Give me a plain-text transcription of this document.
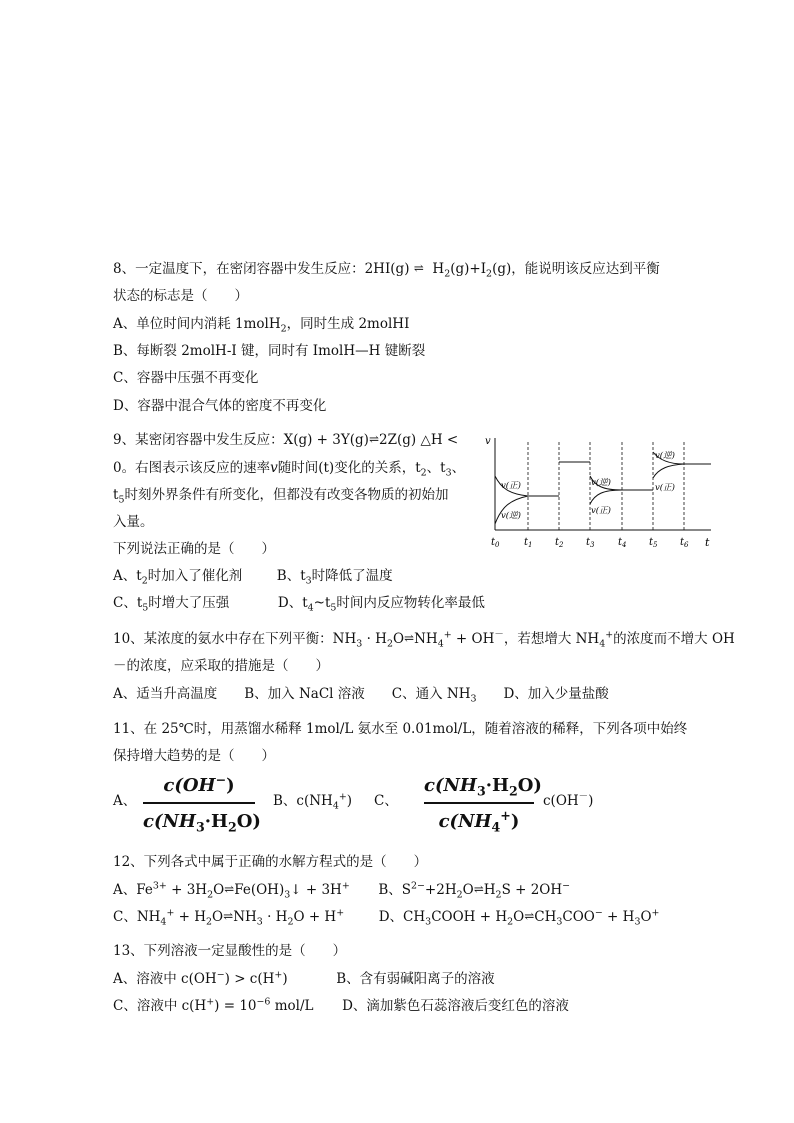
8、一定温度下，在密闭容器中发生反应：2HI(g) ⇌ $H_2(g)+I_2(g)$，能说明该反应达到平衡
状态的标志是（　　）
A、单位时间内消耗 1molH$_2$，同时生成 2molHI
B、每断裂 2molH-I 键，同时有 ImolH—H 键断裂
C、容器中压强不再变化
D、容器中混合气体的密度不再变化
9、某密闭容器中发生反应：X(g) + 3Y(g)⇌2Z(g) △H <
0。右图表示该反应的速率v随时间(t)变化的关系，$t_2$、$t_3$、
$t_5$时刻外界条件有所变化，但都没有改变各物质的初始加
入量。
下列说法正确的是（　　）
A、$t_2$时加入了催化剂	B、$t_3$时降低了温度
C、$t_5$时增大了压强	D、$t_4\sim t_5$时间内反应物转化率最低
v
t
v(正)
v(逆)
v(逆)
v(正)
v(逆)
v(正)
$t_0$ $t_1$ $t_2$ $t_3$ $t_4$ $t_5$ $t_6$
10、某浓度的氨水中存在下列平衡：$NH_3$ · $H_2O\rightleftharpoons NH_4^+ + OH^-$，若想增大 $NH_4^+$的浓度而不增大 OH
－的浓度，应采取的措施是（　　）
A、适当升高温度　　B、加入 NaCl 溶液　　C、通入 $NH_3$　　D、加入少量盐酸
11、在 25℃时，用蒸馏水稀释 1mol/L 氨水至 0.01mol/L，随着溶液的稀释，下列各项中始终
保持增大趋势的是（　　）
A、
c(OH−)
$c(NH_3\cdot H_2O)$
B、$c(NH_4^+)$ C、
$c(NH_3\cdot H_2O)$
$c(NH_4^+)$
c(OH－)
12、下列各式中属于正确的水解方程式的是（　　）
A、$Fe^{3+}$ + $3H_2O\rightleftharpoons Fe(OH)_3↓ + 3H^+$ B、$S^{2-}+2H_2O\rightleftharpoons H_2S + 2OH^-$
C、$NH_4^+$ + $H_2O\rightleftharpoons NH_3 \cdot H_2O + H^+$	D、$CH_3COOH$ + $H_2O\rightleftharpoons CH_3COO^- + H_3O^+$
13、下列溶液一定显酸性的是（　　）
A、溶液中 c(OH−) > c(H+)	B、含有弱碱阳离子的溶液
C、溶液中 $c(H^+) = 10^{-6}$ mol/L D、滴加紫色石蕊溶液后变红色的溶液
